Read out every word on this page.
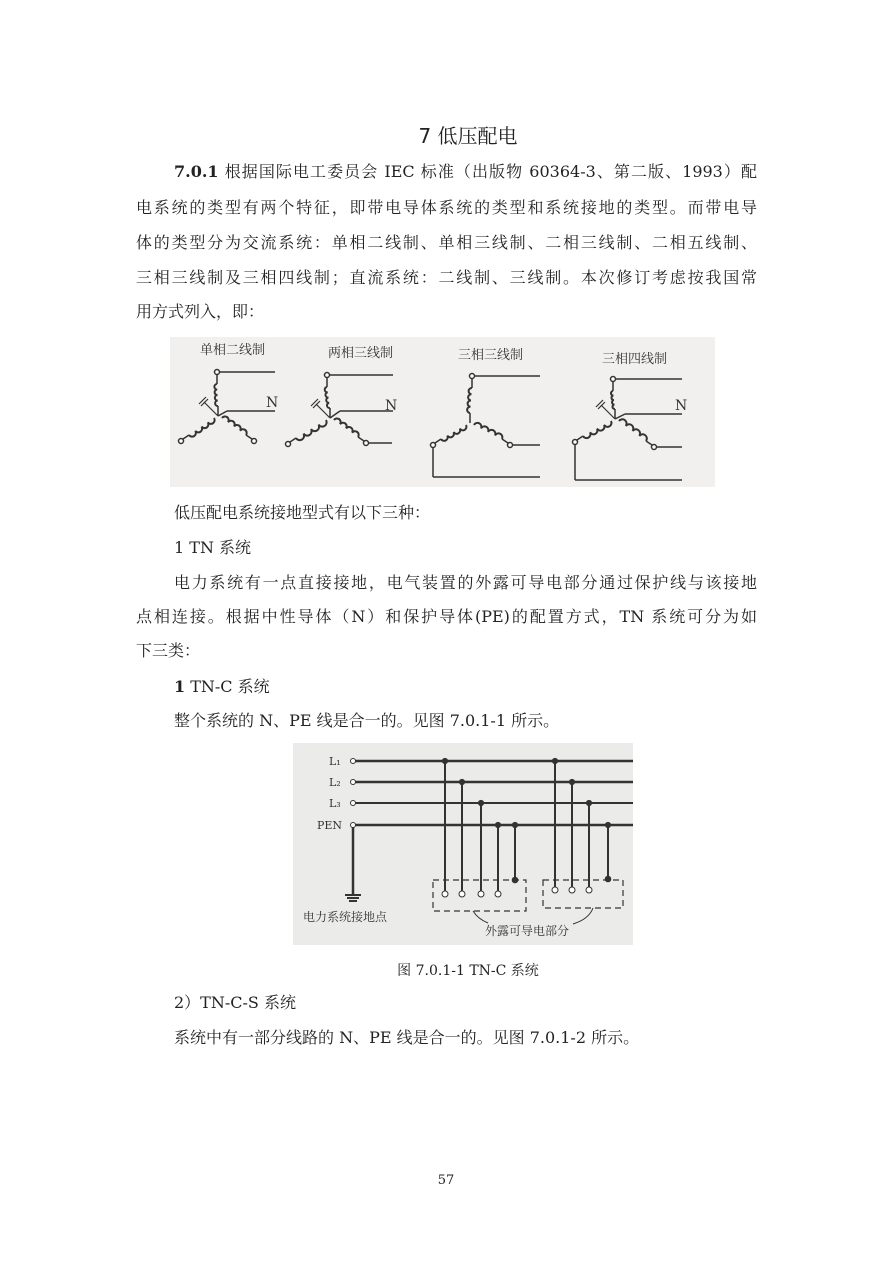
7 低压配电
7.0.1 根据国际电工委员会 IEC 标准（出版物 60364-3、第二版、1993）配
电系统的类型有两个特征，即带电导体系统的类型和系统接地的类型。而带电导
体的类型分为交流系统：单相二线制、单相三线制、二相三线制、二相五线制、
三相三线制及三相四线制；直流系统：二线制、三线制。本次修订考虑按我国常
用方式列入，即：
单相二线制	两相三线制	三相三线制	三相四线制
N	N	N
低压配电系统接地型式有以下三种：
1 TN 系统
电力系统有一点直接接地，电气装置的外露可导电部分通过保护线与该接地
点相连接。根据中性导体（N）和保护导体(PE)的配置方式，TN 系统可分为如
下三类：
1 TN-C 系统
整个系统的 N、PE 线是合一的。见图 7.0.1-1 所示。
L₁
L₂
L₃
PEN
电力系统接地点
外露可导电部分
图 7.0.1-1 TN-C 系统
2）TN-C-S 系统
系统中有一部分线路的 N、PE 线是合一的。见图 7.0.1-2 所示。
57
